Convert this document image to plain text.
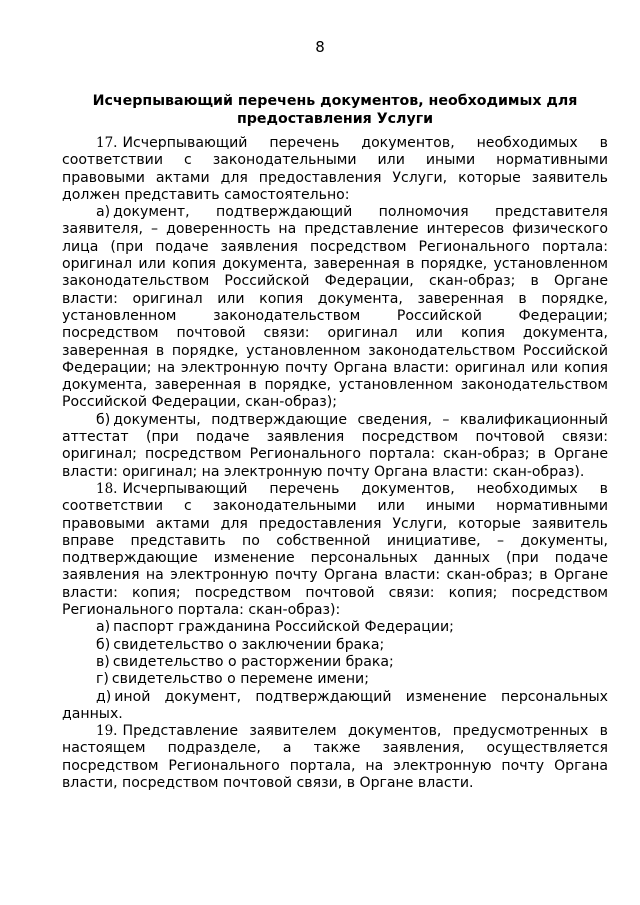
8
Исчерпывающий перечень документов, необходимых для предоставления Услуги

17. Исчерпывающий перечень документов, необходимых в соответствии с законодательными или иными нормативными правовыми актами для предоставления Услуги, которые заявитель должен представить самостоятельно:

а) документ, подтверждающий полномочия представителя заявителя, – доверенность на представление интересов физического лица (при подаче заявления посредством Регионального портала: оригинал или копия документа, заверенная в порядке, установленном законодательством Российской Федерации, скан-образ; в Органе власти: оригинал или копия документа, заверенная в порядке, установленном законодательством Российской Федерации; посредством почтовой связи: оригинал или копия документа, заверенная в порядке, установленном законодательством Российской Федерации; на электронную почту Органа власти: оригинал или копия документа, заверенная в порядке, установленном законодательством Российской Федерации, скан-образ);

б) документы, подтверждающие сведения, – квалификационный аттестат (при подаче заявления посредством почтовой связи: оригинал; посредством Регионального портала: скан-образ; в Органе власти: оригинал; на электронную почту Органа власти: скан-образ).

18. Исчерпывающий перечень документов, необходимых в соответствии с законодательными или иными нормативными правовыми актами для предоставления Услуги, которые заявитель вправе представить по собственной инициативе, – документы, подтверждающие изменение персональных данных (при подаче заявления на электронную почту Органа власти: скан-образ; в Органе власти: копия; посредством почтовой связи: копия; посредством Регионального портала: скан-образ):

а) паспорт гражданина Российской Федерации;

б) свидетельство о заключении брака;

в) свидетельство о расторжении брака;

г) свидетельство о перемене имени;

д) иной документ, подтверждающий изменение персональных данных.

19. Представление заявителем документов, предусмотренных в настоящем подразделе, а также заявления, осуществляется посредством Регионального портала, на электронную почту Органа власти, посредством почтовой связи, в Органе власти.
